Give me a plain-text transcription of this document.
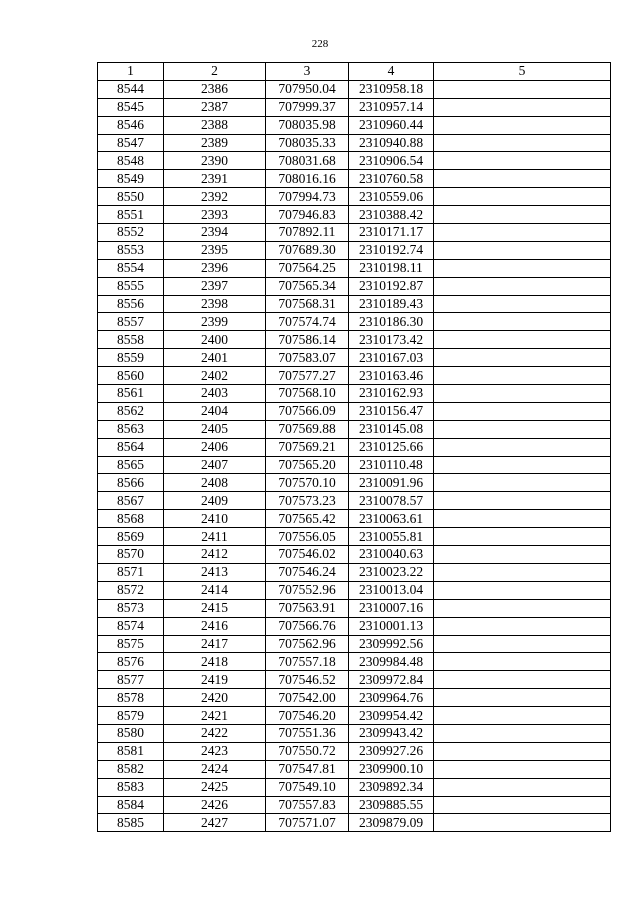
228
1	2	3	4	5
8544	2386	707950.04	2310958.18	
8545	2387	707999.37	2310957.14	
8546	2388	708035.98	2310960.44	
8547	2389	708035.33	2310940.88	
8548	2390	708031.68	2310906.54	
8549	2391	708016.16	2310760.58	
8550	2392	707994.73	2310559.06	
8551	2393	707946.83	2310388.42	
8552	2394	707892.11	2310171.17	
8553	2395	707689.30	2310192.74	
8554	2396	707564.25	2310198.11	
8555	2397	707565.34	2310192.87	
8556	2398	707568.31	2310189.43	
8557	2399	707574.74	2310186.30	
8558	2400	707586.14	2310173.42	
8559	2401	707583.07	2310167.03	
8560	2402	707577.27	2310163.46	
8561	2403	707568.10	2310162.93	
8562	2404	707566.09	2310156.47	
8563	2405	707569.88	2310145.08	
8564	2406	707569.21	2310125.66	
8565	2407	707565.20	2310110.48	
8566	2408	707570.10	2310091.96	
8567	2409	707573.23	2310078.57	
8568	2410	707565.42	2310063.61	
8569	2411	707556.05	2310055.81	
8570	2412	707546.02	2310040.63	
8571	2413	707546.24	2310023.22	
8572	2414	707552.96	2310013.04	
8573	2415	707563.91	2310007.16	
8574	2416	707566.76	2310001.13	
8575	2417	707562.96	2309992.56	
8576	2418	707557.18	2309984.48	
8577	2419	707546.52	2309972.84	
8578	2420	707542.00	2309964.76	
8579	2421	707546.20	2309954.42	
8580	2422	707551.36	2309943.42	
8581	2423	707550.72	2309927.26	
8582	2424	707547.81	2309900.10	
8583	2425	707549.10	2309892.34	
8584	2426	707557.83	2309885.55	
8585	2427	707571.07	2309879.09	
